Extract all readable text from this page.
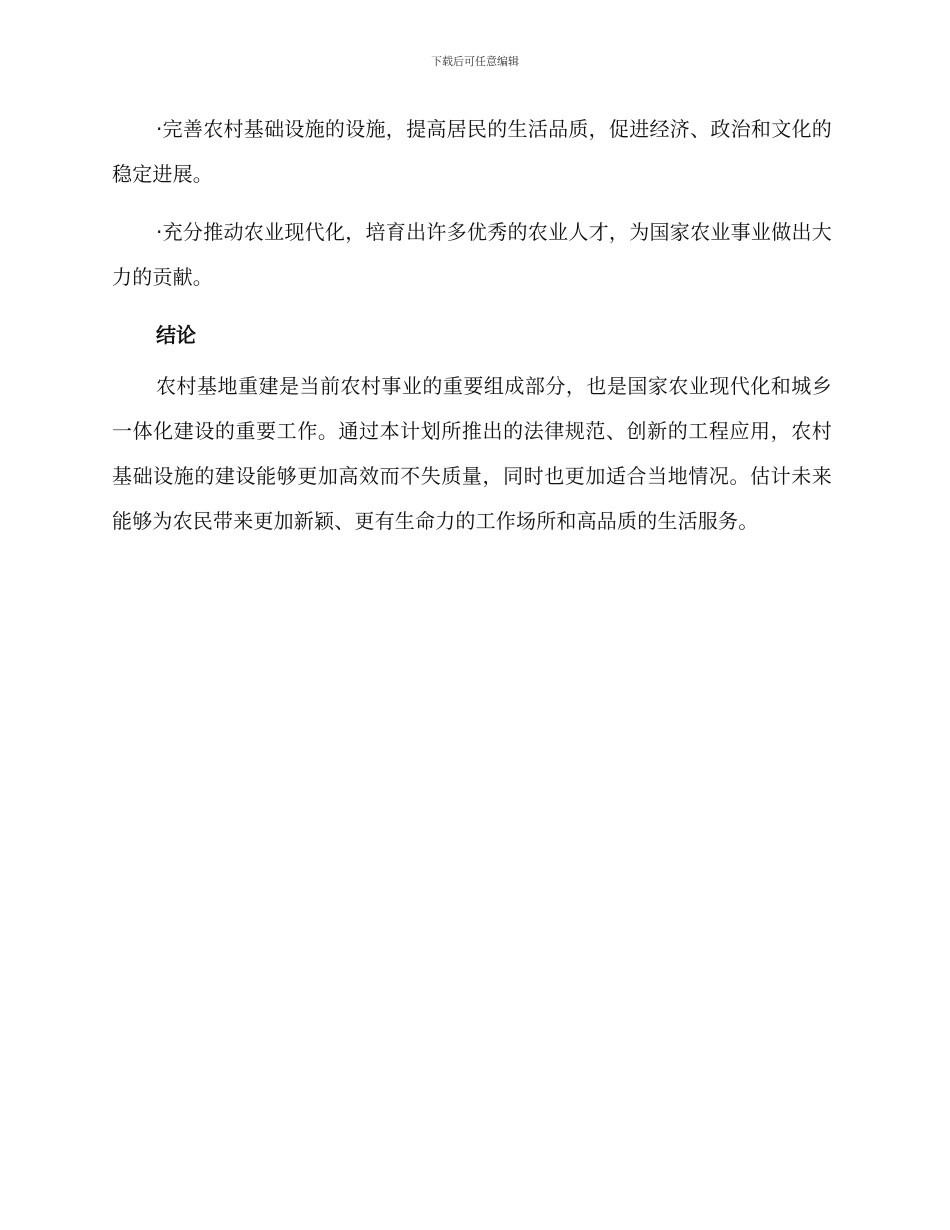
下载后可任意编辑

·完善农村基础设施的设施，提高居民的生活品质，促进经济、政治和文化的稳定进展。

·充分推动农业现代化，培育出许多优秀的农业人才，为国家农业事业做出大力的贡献。

结论

农村基地重建是当前农村事业的重要组成部分，也是国家农业现代化和城乡一体化建设的重要工作。通过本计划所推出的法律规范、创新的工程应用，农村基础设施的建设能够更加高效而不失质量，同时也更加适合当地情况。估计未来能够为农民带来更加新颖、更有生命力的工作场所和高品质的生活服务。
